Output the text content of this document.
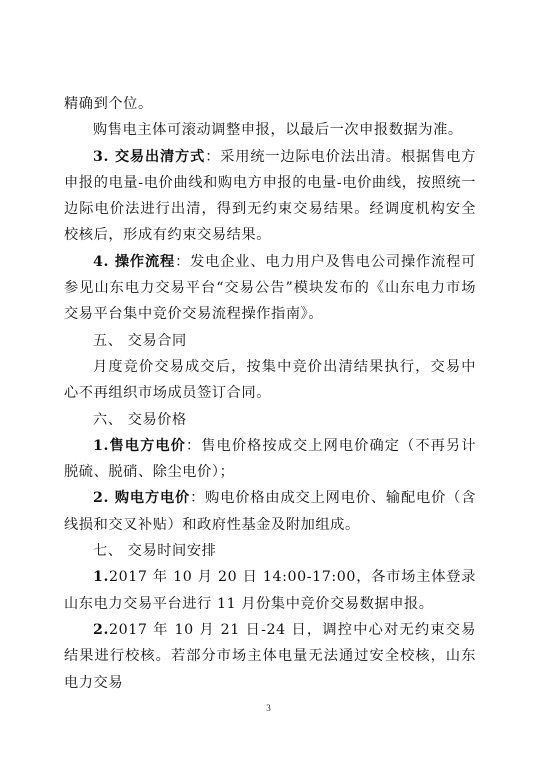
精确到个位。

购售电主体可滚动调整申报，以最后一次申报数据为准。

3. 交易出清方式：采用统一边际电价法出清。根据售电方申报的电量-电价曲线和购电方申报的电量-电价曲线，按照统一边际电价法进行出清，得到无约束交易结果。经调度机构安全校核后，形成有约束交易结果。

4. 操作流程：发电企业、电力用户及售电公司操作流程可参见山东电力交易平台“交易公告”模块发布的《山东电力市场交易平台集中竞价交易流程操作指南》。

五、 交易合同

月度竞价交易成交后，按集中竞价出清结果执行，交易中心不再组织市场成员签订合同。

六、 交易价格

1.售电方电价：售电价格按成交上网电价确定（不再另计脱硫、脱硝、除尘电价）；

2. 购电方电价：购电价格由成交上网电价、输配电价（含线损和交叉补贴）和政府性基金及附加组成。

七、 交易时间安排

1.2017 年 10 月 20 日 14:00-17:00，各市场主体登录山东电力交易平台进行 11 月份集中竞价交易数据申报。

2.2017 年 10 月 21 日-24 日，调控中心对无约束交易结果进行校核。若部分市场主体电量无法通过安全校核，山东电力交易

3
